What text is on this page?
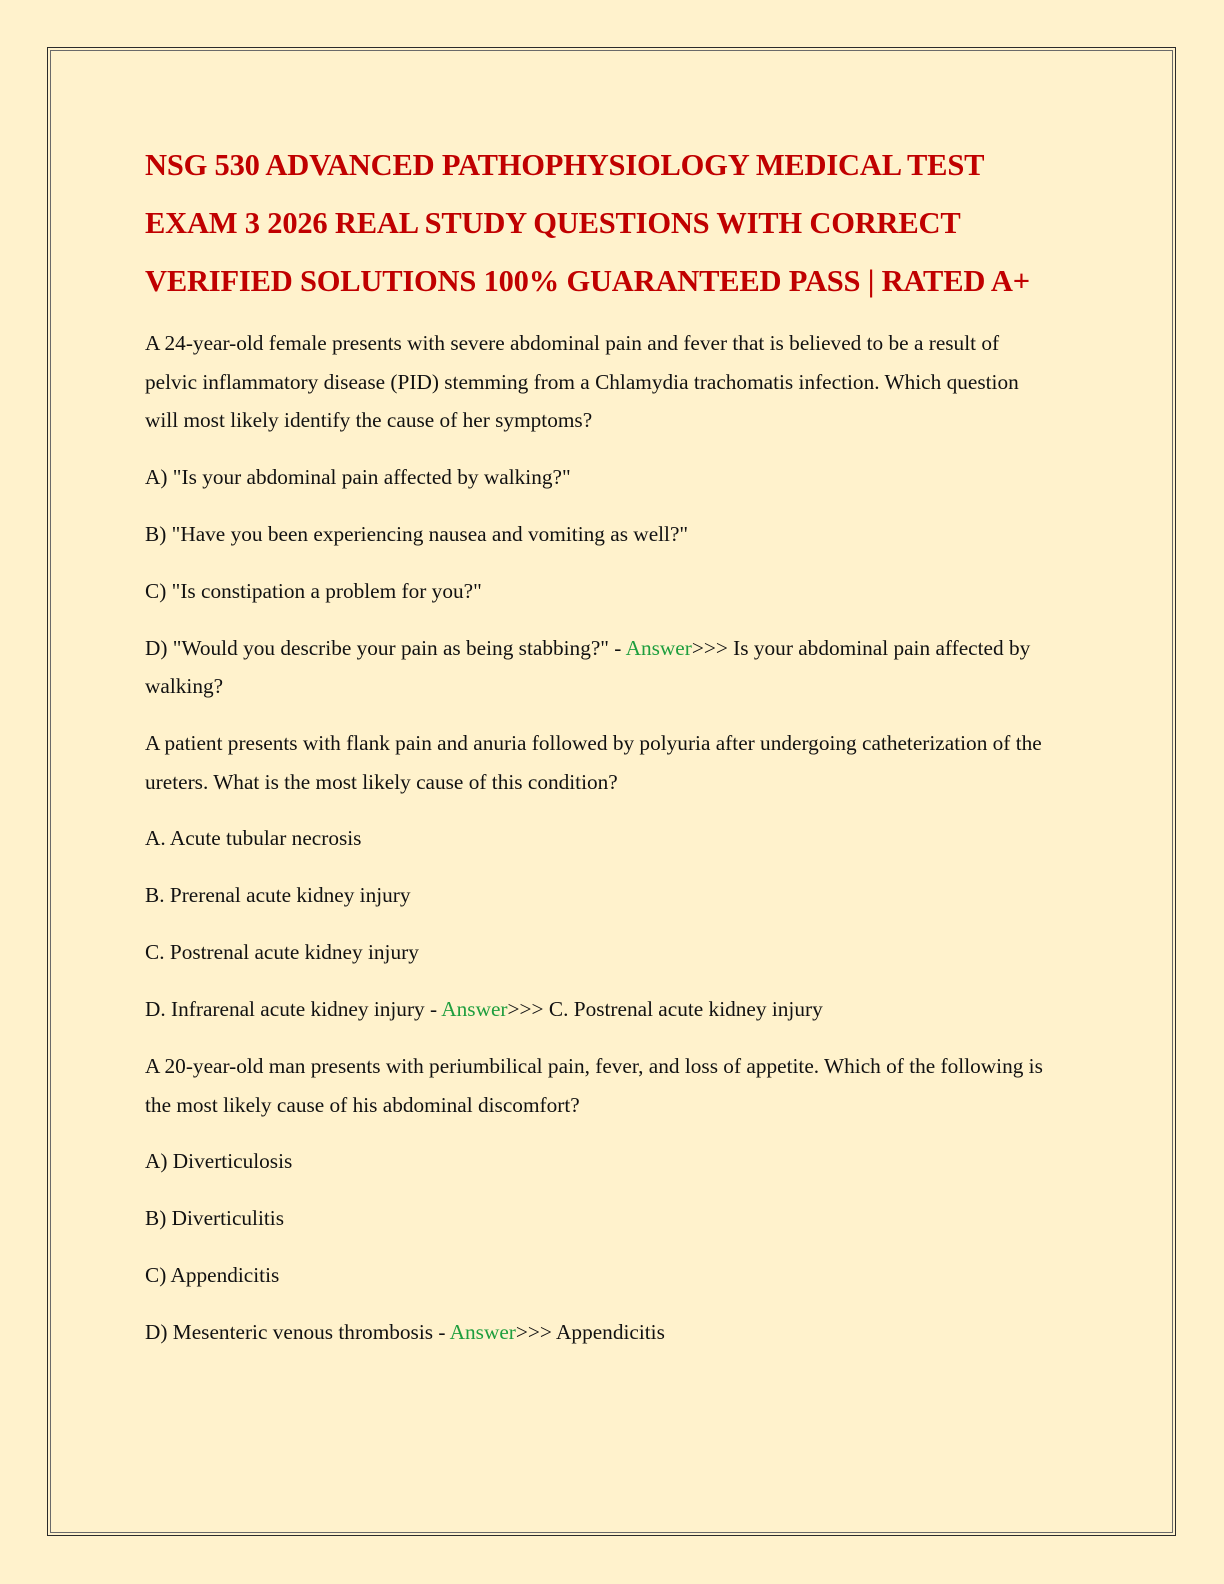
NSG 530 ADVANCED PATHOPHYSIOLOGY MEDICAL TEST EXAM 3 2026 REAL STUDY QUESTIONS WITH CORRECT VERIFIED SOLUTIONS 100% GUARANTEED PASS | RATED A+

A 24-year-old female presents with severe abdominal pain and fever that is believed to be a result of pelvic inflammatory disease (PID) stemming from a Chlamydia trachomatis infection. Which question will most likely identify the cause of her symptoms?

A) "Is your abdominal pain affected by walking?"

B) "Have you been experiencing nausea and vomiting as well?"

C) "Is constipation a problem for you?"

D) "Would you describe your pain as being stabbing?" - Answer>>> Is your abdominal pain affected by walking?

A patient presents with flank pain and anuria followed by polyuria after undergoing catheterization of the ureters. What is the most likely cause of this condition?

A. Acute tubular necrosis

B. Prerenal acute kidney injury

C. Postrenal acute kidney injury

D. Infrarenal acute kidney injury - Answer>>> C. Postrenal acute kidney injury

A 20-year-old man presents with periumbilical pain, fever, and loss of appetite. Which of the following is the most likely cause of his abdominal discomfort?

A) Diverticulosis

B) Diverticulitis

C) Appendicitis

D) Mesenteric venous thrombosis - Answer>>> Appendicitis
